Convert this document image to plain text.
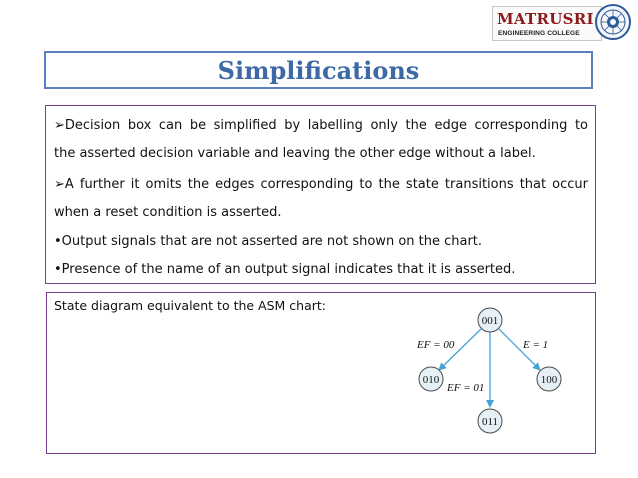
MATRUSRI
ENGINEERING COLLEGE
Simplifications
➢Decision box can be simplified by labelling only the edge corresponding to
the asserted decision variable and leaving the other edge without a label.
➢A further it omits the edges corresponding to the state transitions that occur
when a reset condition is asserted.
•Output signals that are not asserted are not shown on the chart.
•Presence of the name of an output signal indicates that it is asserted.
State diagram equivalent to the ASM chart:
001
010	100
011
EF = 00	E = 1
EF = 01
